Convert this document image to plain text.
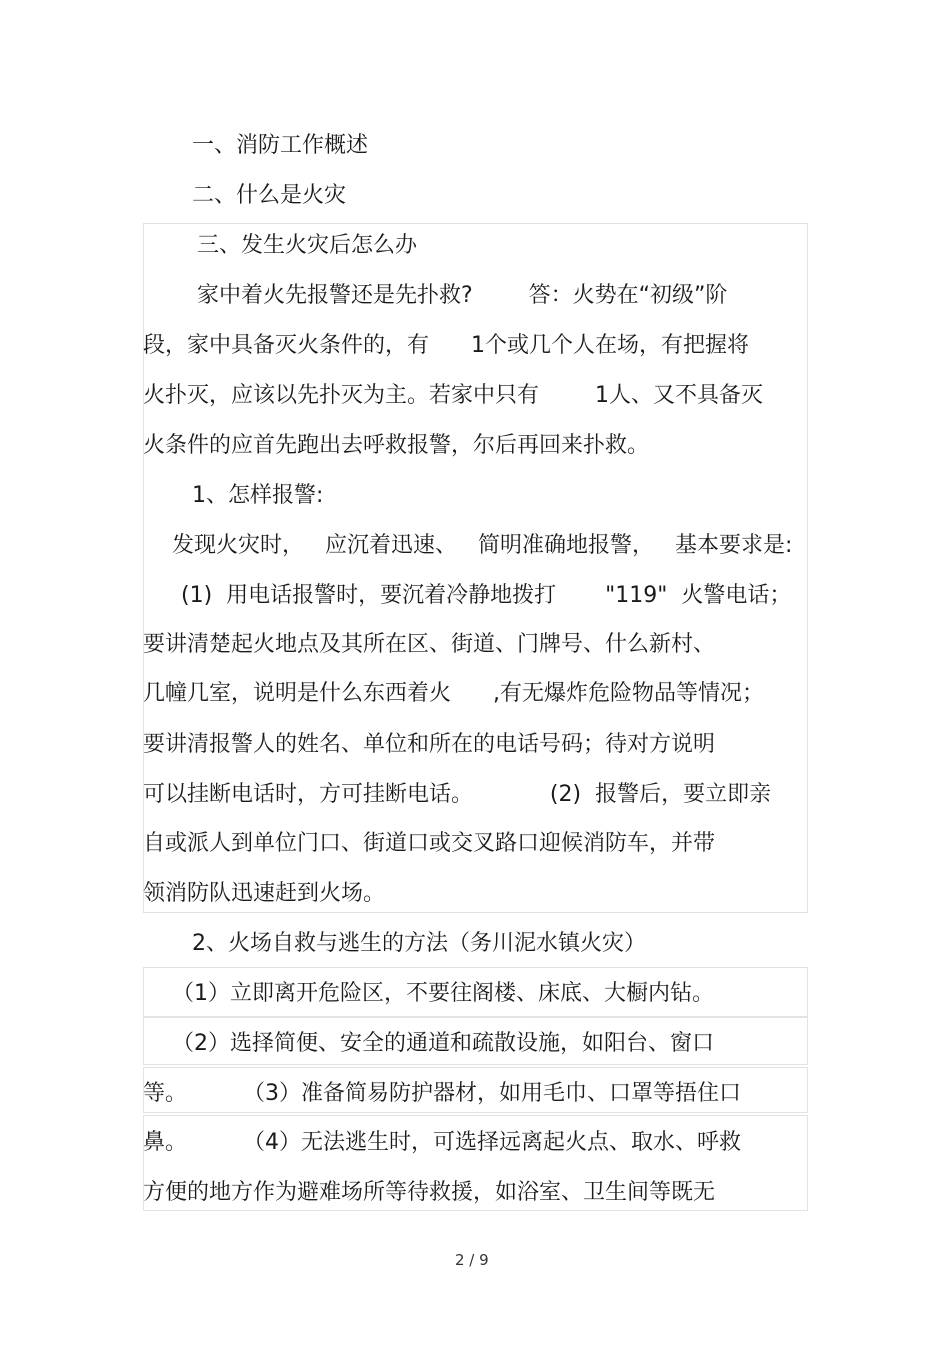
一、消防工作概述

二、什么是火灾

三、发生火灾后怎么办

家中着火先报警还是先扑救?        答：火势在“初级”阶

段，家中具备灭火条件的，有      1个或几个人在场，有把握将

火扑灭，应该以先扑灭为主。若家中只有        1人、又不具备灭

火条件的应首先跑出去呼救报警，尔后再回来扑救。

1、怎样报警:

发现火灾时，   应沉着迅速、   简明准确地报警，   基本要求是:

(1)  用电话报警时，要沉着冷静地拨打       "119"  火警电话；

要讲清楚起火地点及其所在区、街道、门牌号、什么新村、

几幢几室，说明是什么东西着火      ,有无爆炸危险物品等情况；

要讲清报警人的姓名、单位和所在的电话号码；待对方说明

可以挂断电话时，方可挂断电话。           (2)  报警后，要立即亲

自或派人到单位门口、街道口或交叉路口迎候消防车，并带

领消防队迅速赶到火场。

2、火场自救与逃生的方法（务川泥水镇火灾）

（1）立即离开危险区，不要往阁楼、床底、大橱内钻。

（2）选择简便、安全的通道和疏散设施，如阳台、窗口

等。        （3）准备简易防护器材，如用毛巾、口罩等捂住口

鼻。        （4）无法逃生时，可选择远离起火点、取水、呼救

方便的地方作为避难场所等待救援，如浴室、卫生间等既无

2 / 9
